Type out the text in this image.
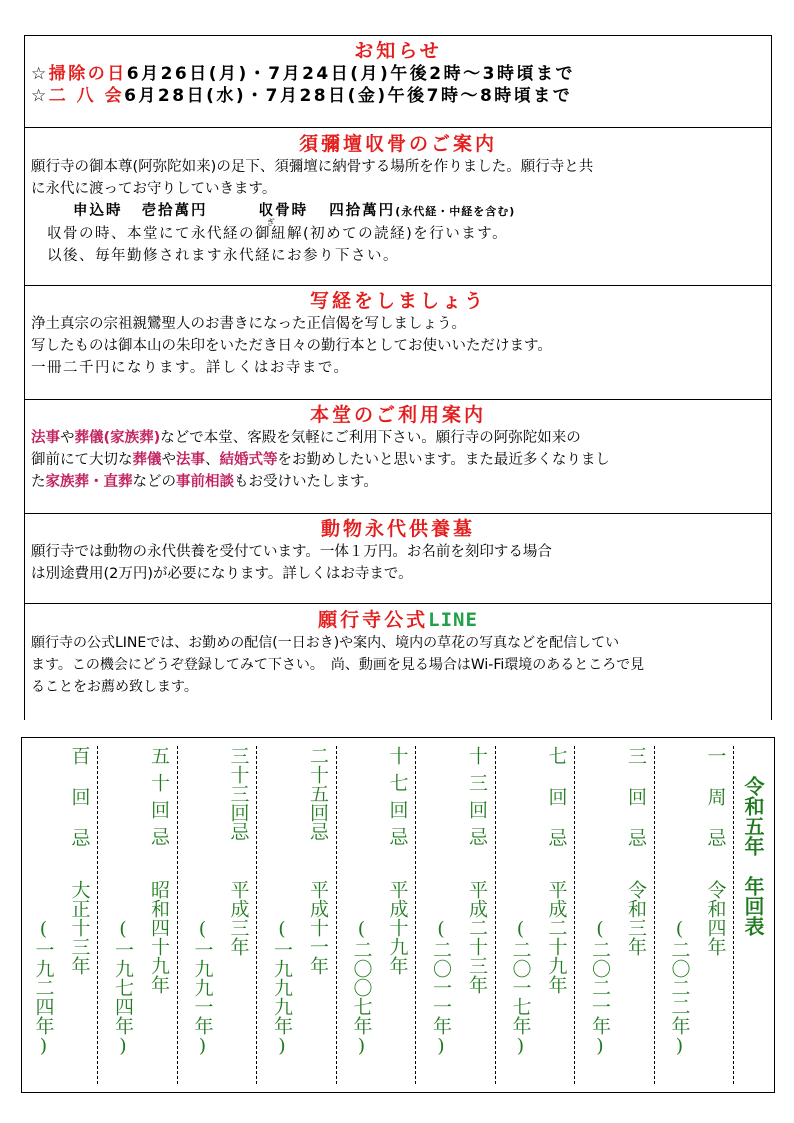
お知らせ
☆掃除の日6月26日(月)・7月24日(月)午後2時～3時頃まで
☆二 八 会6月28日(水)・7月28日(金)午後7時～8時頃まで
須彌壇収骨のご案内
願行寺の御本尊(阿弥陀如来)の足下、須彌壇に納骨する場所を作りました。願行寺と共
に永代に渡ってお守りしていきます。
申込時 壱拾萬円	収骨時
ぎ
四拾萬円(永代経・中経を含む)
収骨の時、本堂にて永代経の御紐解(初めての読経)を行います。
以後、毎年勤修されます永代経にお参り下さい。
写経をしましょう
浄土真宗の宗祖親鸞聖人のお書きになった正信偈を写しましょう。
写したものは御本山の朱印をいただき日々の勤行本としてお使いいただけます。
一冊二千円になります。詳しくはお寺まで。
本堂のご利用案内
法事や葬儀(家族葬)などで本堂、客殿を気軽にご利用下さい。願行寺の阿弥陀如来の
御前にて大切な葬儀や法事、結婚式等をお勤めしたいと思います。また最近多くなりまし
た家族葬・直葬などの事前相談もお受けいたします。
動物永代供養墓
願行寺では動物の永代供養を受付ています。一体１万円。お名前を刻印する場合
は別途費用(2万円)が必要になります。詳しくはお寺まで。
願行寺公式LINE
願行寺の公式LINEでは、お勤めの配信(一日おき)や案内、境内の草花の写真などを配信してい
ます。この機会にどうぞ登録してみて下さい。　尚、動画を見る場合はWi-Fi環境のあるところで見
ることをお薦め致します。
令和五年　年回表
一周忌
令和四年
(二〇二二年)
三回忌
令和三年
(二〇二一年)
七回忌
平成二十九年
(二〇一七年)
十三回忌
平成二十三年
(二〇一一年)
十七回忌
平成十九年
(二〇〇七年)
二十五回忌
平成十一年
(一九九九年)
三十三回忌
平成三年
(一九九一年)
五十回忌
昭和四十九年
(一九七四年)
百回忌
大正十三年
(一九二四年)
